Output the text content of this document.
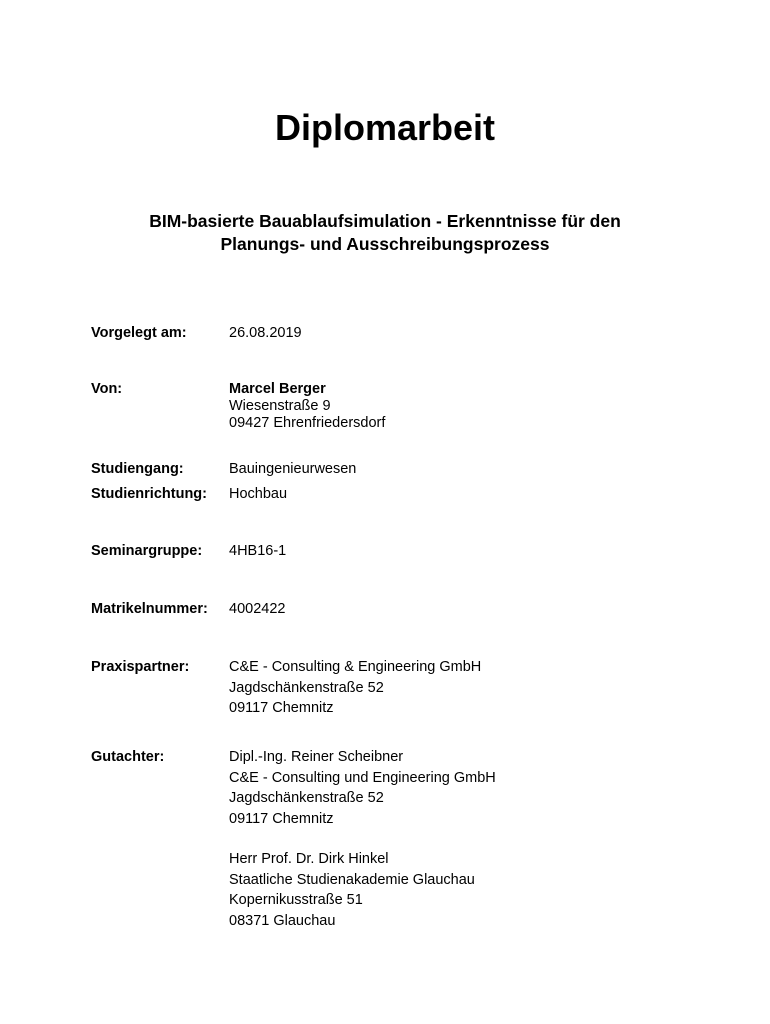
Diplomarbeit
BIM-basierte Bauablaufsimulation - Erkenntnisse für den
Planungs- und Ausschreibungsprozess
Vorgelegt am:	26.08.2019
Von:	Marcel Berger
Wiesenstraße 9
09427 Ehrenfriedersdorf
Studiengang:	Bauingenieurwesen
Studienrichtung:	Hochbau
Seminargruppe:	4HB16-1
Matrikelnummer:	4002422
Praxispartner:	C&E - Consulting & Engineering GmbH
Jagdschänkenstraße 52
09117 Chemnitz
Gutachter:	Dipl.-Ing. Reiner Scheibner
C&E - Consulting und Engineering GmbH
Jagdschänkenstraße 52
09117 Chemnitz
Herr Prof. Dr. Dirk Hinkel
Staatliche Studienakademie Glauchau
Kopernikusstraße 51
08371 Glauchau
